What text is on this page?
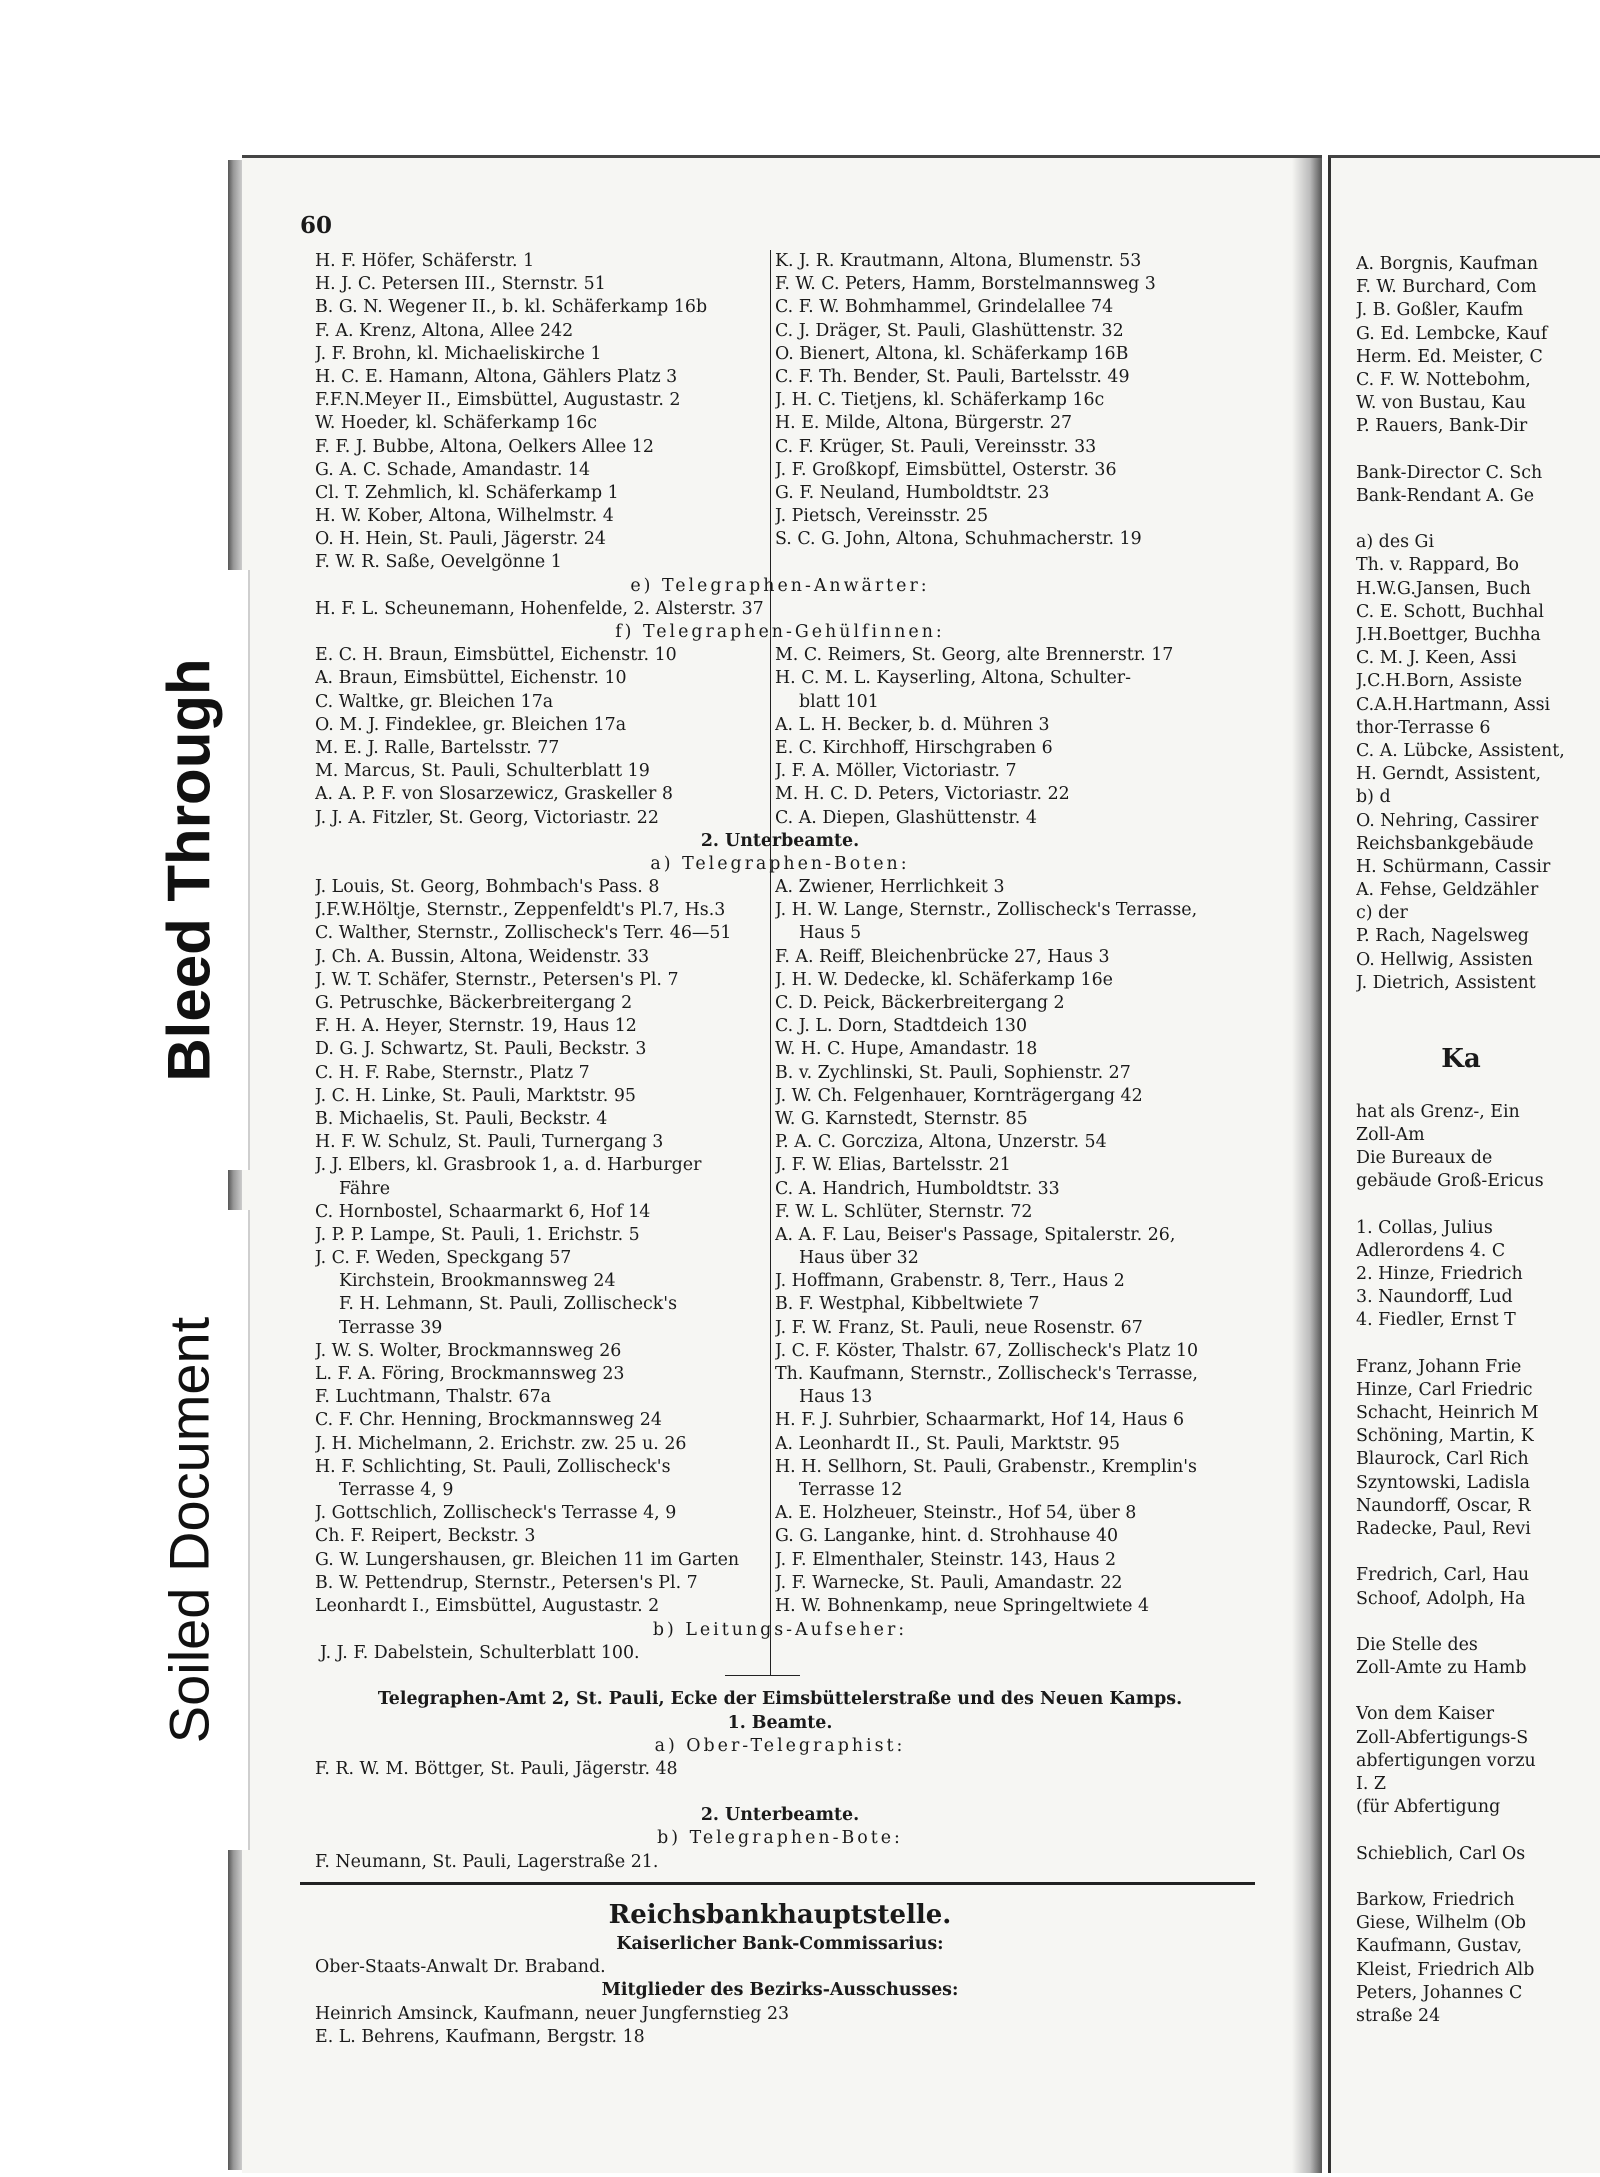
A. Borgnis, Kaufman
F. W. Burchard, Com
J. B. Goßler, Kaufm
G. Ed. Lembcke, Kauf
Herm. Ed. Meister, C
C. F. W. Nottebohm,
W. von Bustau, Kau
P. Rauers, Bank-Dir
Bank-Director C. Sch
Bank-Rendant A. Ge
a) des Gi
Th. v. Rappard, Bo
H.W.G.Jansen, Buch
C. E. Schott, Buchhal
J.H.Boettger, Buchha
C. M. J. Keen, Assi
J.C.H.Born, Assiste
C.A.H.Hartmann, Assi
thor-Terrasse 6
C. A. Lübcke, Assistent,
H. Gerndt, Assistent,
b) d
O. Nehring, Cassirer
Reichsbankgebäude
H. Schürmann, Cassir
A. Fehse, Geldzähler
c) der
P. Rach, Nagelsweg
O. Hellwig, Assisten
J. Dietrich, Assistent
Ka
hat als Grenz-, Ein
Zoll-Am
Die Bureaux de
gebäude Groß-Ericus
1. Collas, Julius
Adlerordens 4. C
2. Hinze, Friedrich
3. Naundorff, Lud
4. Fiedler, Ernst T
Franz, Johann Frie
Hinze, Carl Friedric
Schacht, Heinrich M
Schöning, Martin, K
Blaurock, Carl Rich
Szyntowski, Ladisla
Naundorff, Oscar, R
Radecke, Paul, Revi
Fredrich, Carl, Hau
Schoof, Adolph, Ha
Die Stelle des
Zoll-Amte zu Hamb
Von dem Kaiser
Zoll-Abfertigungs-S
abfertigungen vorzu
I. Z
(für Abfertigung
Schieblich, Carl Os
Barkow, Friedrich
Giese, Wilhelm (Ob
Kaufmann, Gustav,
Kleist, Friedrich Alb
Peters, Johannes C
straße 24
Bleed Through
Soiled Document
60
H. F. Höfer, Schäferstr. 1
H. J. C. Petersen III., Sternstr. 51
B. G. N. Wegener II., b. kl. Schäferkamp 16b
F. A. Krenz, Altona, Allee 242
J. F. Brohn, kl. Michaeliskirche 1
H. C. E. Hamann, Altona, Gählers Platz 3
F.F.N.Meyer II., Eimsbüttel, Augustastr. 2
W. Hoeder, kl. Schäferkamp 16c
F. F. J. Bubbe, Altona, Oelkers Allee 12
G. A. C. Schade, Amandastr. 14
Cl. T. Zehmlich, kl. Schäferkamp 1
H. W. Kober, Altona, Wilhelmstr. 4
O. H. Hein, St. Pauli, Jägerstr. 24
F. W. R. Saße, Oevelgönne 1
e) Telegraphen-Anwärter:
H. F. L. Scheunemann, Hohenfelde, 2. Alsterstr. 37
f) Telegraphen-Gehülfinnen:
E. C. H. Braun, Eimsbüttel, Eichenstr. 10
A. Braun, Eimsbüttel, Eichenstr. 10
C. Waltke, gr. Bleichen 17a
O. M. J. Findeklee, gr. Bleichen 17a
M. E. J. Ralle, Bartelsstr. 77
M. Marcus, St. Pauli, Schulterblatt 19
A. A. P. F. von Slosarzewicz, Graskeller 8
J. J. A. Fitzler, St. Georg, Victoriastr. 22
2. Unterbeamte.
a) Telegraphen-Boten:
J. Louis, St. Georg, Bohmbach's Pass. 8
J.F.W.Höltje, Sternstr., Zeppenfeldt's Pl.7, Hs.3
C. Walther, Sternstr., Zollischeck's Terr. 46—51
J. Ch. A. Bussin, Altona, Weidenstr. 33
J. W. T. Schäfer, Sternstr., Petersen's Pl. 7
G. Petruschke, Bäckerbreitergang 2
F. H. A. Heyer, Sternstr. 19, Haus 12
D. G. J. Schwartz, St. Pauli, Beckstr. 3
C. H. F. Rabe, Sternstr., Platz 7
J. C. H. Linke, St. Pauli, Marktstr. 95
B. Michaelis, St. Pauli, Beckstr. 4
H. F. W. Schulz, St. Pauli, Turnergang 3
J. J. Elbers, kl. Grasbrook 1, a. d. Harburger
Fähre
C. Hornbostel, Schaarmarkt 6, Hof 14
J. P. P. Lampe, St. Pauli, 1. Erichstr. 5
J. C. F. Weden, Speckgang 57
Kirchstein, Brookmannsweg 24
F. H. Lehmann, St. Pauli, Zollischeck's
Terrasse 39
J. W. S. Wolter, Brockmannsweg 26
L. F. A. Föring, Brockmannsweg 23
F. Luchtmann, Thalstr. 67a
C. F. Chr. Henning, Brockmannsweg 24
J. H. Michelmann, 2. Erichstr. zw. 25 u. 26
H. F. Schlichting, St. Pauli, Zollischeck's
Terrasse 4, 9
J. Gottschlich, Zollischeck's Terrasse 4, 9
Ch. F. Reipert, Beckstr. 3
G. W. Lungershausen, gr. Bleichen 11 im Garten
B. W. Pettendrup, Sternstr., Petersen's Pl. 7
Leonhardt I., Eimsbüttel, Augustastr. 2
K. J. R. Krautmann, Altona, Blumenstr. 53
F. W. C. Peters, Hamm, Borstelmannsweg 3
C. F. W. Bohmhammel, Grindelallee 74
C. J. Dräger, St. Pauli, Glashüttenstr. 32
O. Bienert, Altona, kl. Schäferkamp 16B
C. F. Th. Bender, St. Pauli, Bartelsstr. 49
J. H. C. Tietjens, kl. Schäferkamp 16c
H. E. Milde, Altona, Bürgerstr. 27
C. F. Krüger, St. Pauli, Vereinsstr. 33
J. F. Großkopf, Eimsbüttel, Osterstr. 36
G. F. Neuland, Humboldtstr. 23
J. Pietsch, Vereinsstr. 25
S. C. G. John, Altona, Schuhmacherstr. 19
M. C. Reimers, St. Georg, alte Brennerstr. 17
H. C. M. L. Kayserling, Altona, Schulter-
blatt 101
A. L. H. Becker, b. d. Mühren 3
E. C. Kirchhoff, Hirschgraben 6
J. F. A. Möller, Victoriastr. 7
M. H. C. D. Peters, Victoriastr. 22
C. A. Diepen, Glashüttenstr. 4
A. Zwiener, Herrlichkeit 3
J. H. W. Lange, Sternstr., Zollischeck's Terrasse,
Haus 5
F. A. Reiff, Bleichenbrücke 27, Haus 3
J. H. W. Dedecke, kl. Schäferkamp 16e
C. D. Peick, Bäckerbreitergang 2
C. J. L. Dorn, Stadtdeich 130
W. H. C. Hupe, Amandastr. 18
B. v. Zychlinski, St. Pauli, Sophienstr. 27
J. W. Ch. Felgenhauer, Kornträgergang 42
W. G. Karnstedt, Sternstr. 85
P. A. C. Gorcziza, Altona, Unzerstr. 54
J. F. W. Elias, Bartelsstr. 21
C. A. Handrich, Humboldtstr. 33
F. W. L. Schlüter, Sternstr. 72
A. A. F. Lau, Beiser's Passage, Spitalerstr. 26,
Haus über 32
J. Hoffmann, Grabenstr. 8, Terr., Haus 2
B. F. Westphal, Kibbeltwiete 7
J. F. W. Franz, St. Pauli, neue Rosenstr. 67
J. C. F. Köster, Thalstr. 67, Zollischeck's Platz 10
Th. Kaufmann, Sternstr., Zollischeck's Terrasse,
Haus 13
H. F. J. Suhrbier, Schaarmarkt, Hof 14, Haus 6
A. Leonhardt II., St. Pauli, Marktstr. 95
H. H. Sellhorn, St. Pauli, Grabenstr., Kremplin's
Terrasse 12
A. E. Holzheuer, Steinstr., Hof 54, über 8
G. G. Langanke, hint. d. Strohhause 40
J. F. Elmenthaler, Steinstr. 143, Haus 2
J. F. Warnecke, St. Pauli, Amandastr. 22
H. W. Bohnenkamp, neue Springeltwiete 4
b) Leitungs-Aufseher:
J. J. F. Dabelstein, Schulterblatt 100.
Telegraphen-Amt 2, St. Pauli, Ecke der Eimsbüttelerstraße und des Neuen Kamps.
1. Beamte.
a) Ober-Telegraphist:
F. R. W. M. Böttger, St. Pauli, Jägerstr. 48
2. Unterbeamte.
b) Telegraphen-Bote:
F. Neumann, St. Pauli, Lagerstraße 21.
Reichsbankhauptstelle.
Kaiserlicher Bank-Commissarius:
Ober-Staats-Anwalt Dr. Braband.
Mitglieder des Bezirks-Ausschusses:
Heinrich Amsinck, Kaufmann, neuer Jungfernstieg 23
E. L. Behrens, Kaufmann, Bergstr. 18
